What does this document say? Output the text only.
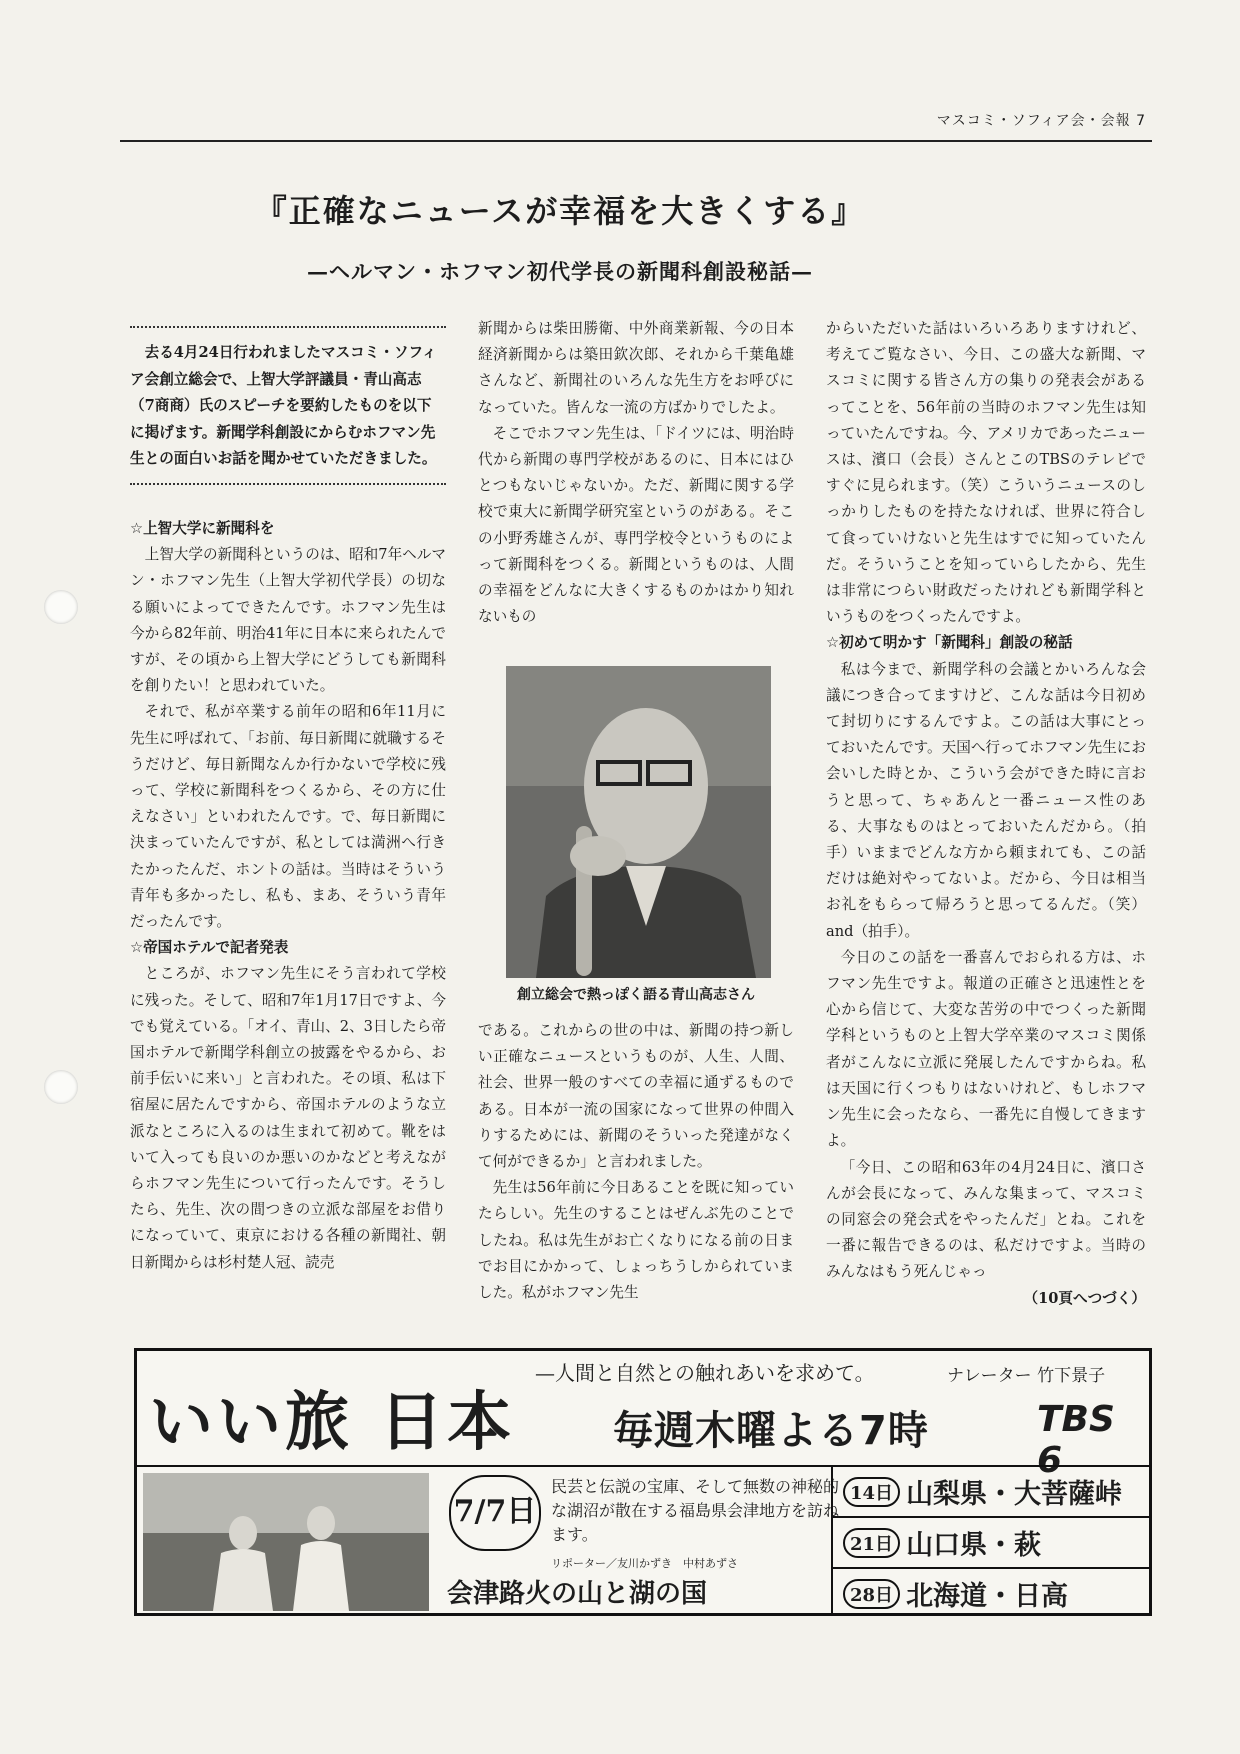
マスコミ・ソフィア会・会報 7
『正確なニュースが幸福を大きくする』
—ヘルマン・ホフマン初代学長の新聞科創設秘話—
去る4月24日行われましたマスコミ・ソフィア会創立総会で、上智大学評議員・青山高志（7商商）氏のスピーチを要約したものを以下に掲げます。新聞学科創設にからむホフマン先生との面白いお話を聞かせていただきました。
☆上智大学に新聞科を

上智大学の新聞科というのは、昭和7年ヘルマン・ホフマン先生（上智大学初代学長）の切なる願いによってできたんです。ホフマン先生は今から82年前、明治41年に日本に来られたんですが、その頃から上智大学にどうしても新聞科を創りたい！と思われていた。

それで、私が卒業する前年の昭和6年11月に先生に呼ばれて、「お前、毎日新聞に就職するそうだけど、毎日新聞なんか行かないで学校に残って、学校に新聞科をつくるから、その方に仕えなさい」といわれたんです。で、毎日新聞に決まっていたんですが、私としては満洲へ行きたかったんだ、ホントの話は。当時はそういう青年も多かったし、私も、まあ、そういう青年だったんです。

☆帝国ホテルで記者発表

ところが、ホフマン先生にそう言われて学校に残った。そして、昭和7年1月17日ですよ、今でも覚えている。「オイ、青山、2、3日したら帝国ホテルで新聞学科創立の披露をやるから、お前手伝いに来い」と言われた。その頃、私は下宿屋に居たんですから、帝国ホテルのような立派なところに入るのは生まれて初めて。靴をはいて入っても良いのか悪いのかなどと考えながらホフマン先生について行ったんです。そうしたら、先生、次の間つきの立派な部屋をお借りになっていて、東京における各種の新聞社、朝日新聞からは杉村楚人冠、読売

新聞からは柴田勝衛、中外商業新報、今の日本経済新聞からは築田欽次郎、それから千葉亀雄さんなど、新聞社のいろんな先生方をお呼びになっていた。皆んな一流の方ばかりでしたよ。

そこでホフマン先生は、「ドイツには、明治時代から新聞の専門学校があるのに、日本にはひとつもないじゃないか。ただ、新聞に関する学校で東大に新聞学研究室というのがある。そこの小野秀雄さんが、専門学校令というものによって新聞科をつくる。新聞というものは、人間の幸福をどんなに大きくするものかはかり知れないもの

創立総会で熱っぽく語る青山高志さん

である。これからの世の中は、新聞の持つ新しい正確なニュースというものが、人生、人間、社会、世界一般のすべての幸福に通ずるものである。日本が一流の国家になって世界の仲間入りするためには、新聞のそういった発達がなくて何ができるか」と言われました。

先生は56年前に今日あることを既に知っていたらしい。先生のすることはぜんぶ先のことでしたね。私は先生がお亡くなりになる前の日までお目にかかって、しょっちうしかられていました。私がホフマン先生

からいただいた話はいろいろありますけれど、考えてご覧なさい、今日、この盛大な新聞、マスコミに関する皆さん方の集りの発表会があるってことを、56年前の当時のホフマン先生は知っていたんですね。今、アメリカであったニュースは、濱口（会長）さんとこのTBSのテレビですぐに見られます。（笑）こういうニュースのしっかりしたものを持たなければ、世界に符合して食っていけないと先生はすでに知っていたんだ。そういうことを知っていらしたから、先生は非常につらい財政だったけれども新聞学科というものをつくったんですよ。

☆初めて明かす「新聞科」創設の秘話

私は今まで、新聞学科の会議とかいろんな会議につき合ってますけど、こんな話は今日初めて封切りにするんですよ。この話は大事にとっておいたんです。天国へ行ってホフマン先生にお会いした時とか、こういう会ができた時に言おうと思って、ちゃあんと一番ニュース性のある、大事なものはとっておいたんだから。（拍手）いままでどんな方から頼まれても、この話だけは絶対やってないよ。だから、今日は相当お礼をもらって帰ろうと思ってるんだ。（笑）and（拍手）。

今日のこの話を一番喜んでおられる方は、ホフマン先生ですよ。報道の正確さと迅速性とを心から信じて、大変な苦労の中でつくった新聞学科というものと上智大学卒業のマスコミ関係者がこんなに立派に発展したんですからね。私は天国に行くつもりはないけれど、もしホフマン先生に会ったなら、一番先に自慢してきますよ。

「今日、この昭和63年の4月24日に、濱口さんが会長になって、みんな集まって、マスコミの同窓会の発会式をやったんだ」とね。これを一番に報告できるのは、私だけですよ。当時のみんなはもう死んじゃっ

（10頁へつづく）
いい旅 日本
—人間と自然との触れあいを求めて。	ナレーター 竹下景子
毎週木曜よる7時	TBS 6
7/7日
民芸と伝説の宝庫、そして無数の神秘的な湖沼が散在する福島県会津地方を訪ねます。
リポーター／友川かずき　中村あずさ
会津路火の山と湖の国
14日 山梨県・大菩薩峠
21日 山口県・萩
28日 北海道・日高
